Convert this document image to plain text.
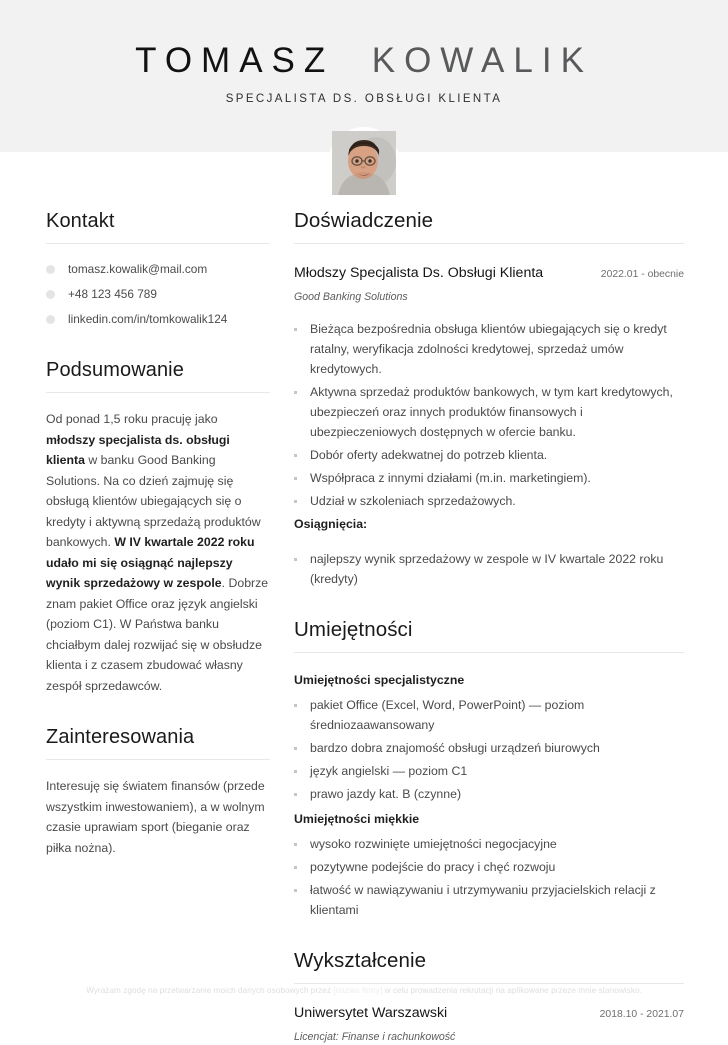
TOMASZ KOWALIK
SPECJALISTA DS. OBSŁUGI KLIENTA
Kontakt
tomasz.kowalik@mail.com
+48 123 456 789
linkedin.com/in/tomkowalik124
Podsumowanie
Od ponad 1,5 roku pracuję jako młodszy specjalista ds. obsługi klienta w banku Good Banking Solutions. Na co dzień zajmuję się obsługą klientów ubiegających się o kredyty i aktywną sprzedażą produktów bankowych. W IV kwartale 2022 roku udało mi się osiągnąć najlepszy wynik sprzedażowy w zespole. Dobrze znam pakiet Office oraz język angielski (poziom C1). W Państwa banku chciałbym dalej rozwijać się w obsłudze klienta i z czasem zbudować własny zespół sprzedawców.
Zainteresowania
Interesuję się światem finansów (przede wszystkim inwestowaniem), a w wolnym czasie uprawiam sport (bieganie oraz piłka nożna).
Doświadczenie
Młodszy Specjalista Ds. Obsługi Klienta	2022.01 - obecnie
Good Banking Solutions
Bieżąca bezpośrednia obsługa klientów ubiegających się o kredyt ratalny, weryfikacja zdolności kredytowej, sprzedaż umów kredytowych.
Aktywna sprzedaż produktów bankowych, w tym kart kredytowych, ubezpieczeń oraz innych produktów finansowych i ubezpieczeniowych dostępnych w ofercie banku.
Dobór oferty adekwatnej do potrzeb klienta.
Współpraca z innymi działami (m.in. marketingiem).
Udział w szkoleniach sprzedażowych.
Osiągnięcia:
najlepszy wynik sprzedażowy w zespole w IV kwartale 2022 roku (kredyty)
Umiejętności
Umiejętności specjalistyczne
pakiet Office (Excel, Word, PowerPoint) — poziom średniozaawansowany
bardzo dobra znajomość obsługi urządzeń biurowych
język angielski — poziom C1
prawo jazdy kat. B (czynne)
Umiejętności miękkie
wysoko rozwinięte umiejętności negocjacyjne
pozytywne podejście do pracy i chęć rozwoju
łatwość w nawiązywaniu i utrzymywaniu przyjacielskich relacji z klientami
Wykształcenie
Uniwersytet Warszawski	2018.10 - 2021.07
Licencjat: Finanse i rachunkowość
Wyrażam zgodę na przetwarzanie moich danych osobowych przez [nazwa firmy] w celu prowadzenia rekrutacji na aplikowane przeze mnie stanowisko.
